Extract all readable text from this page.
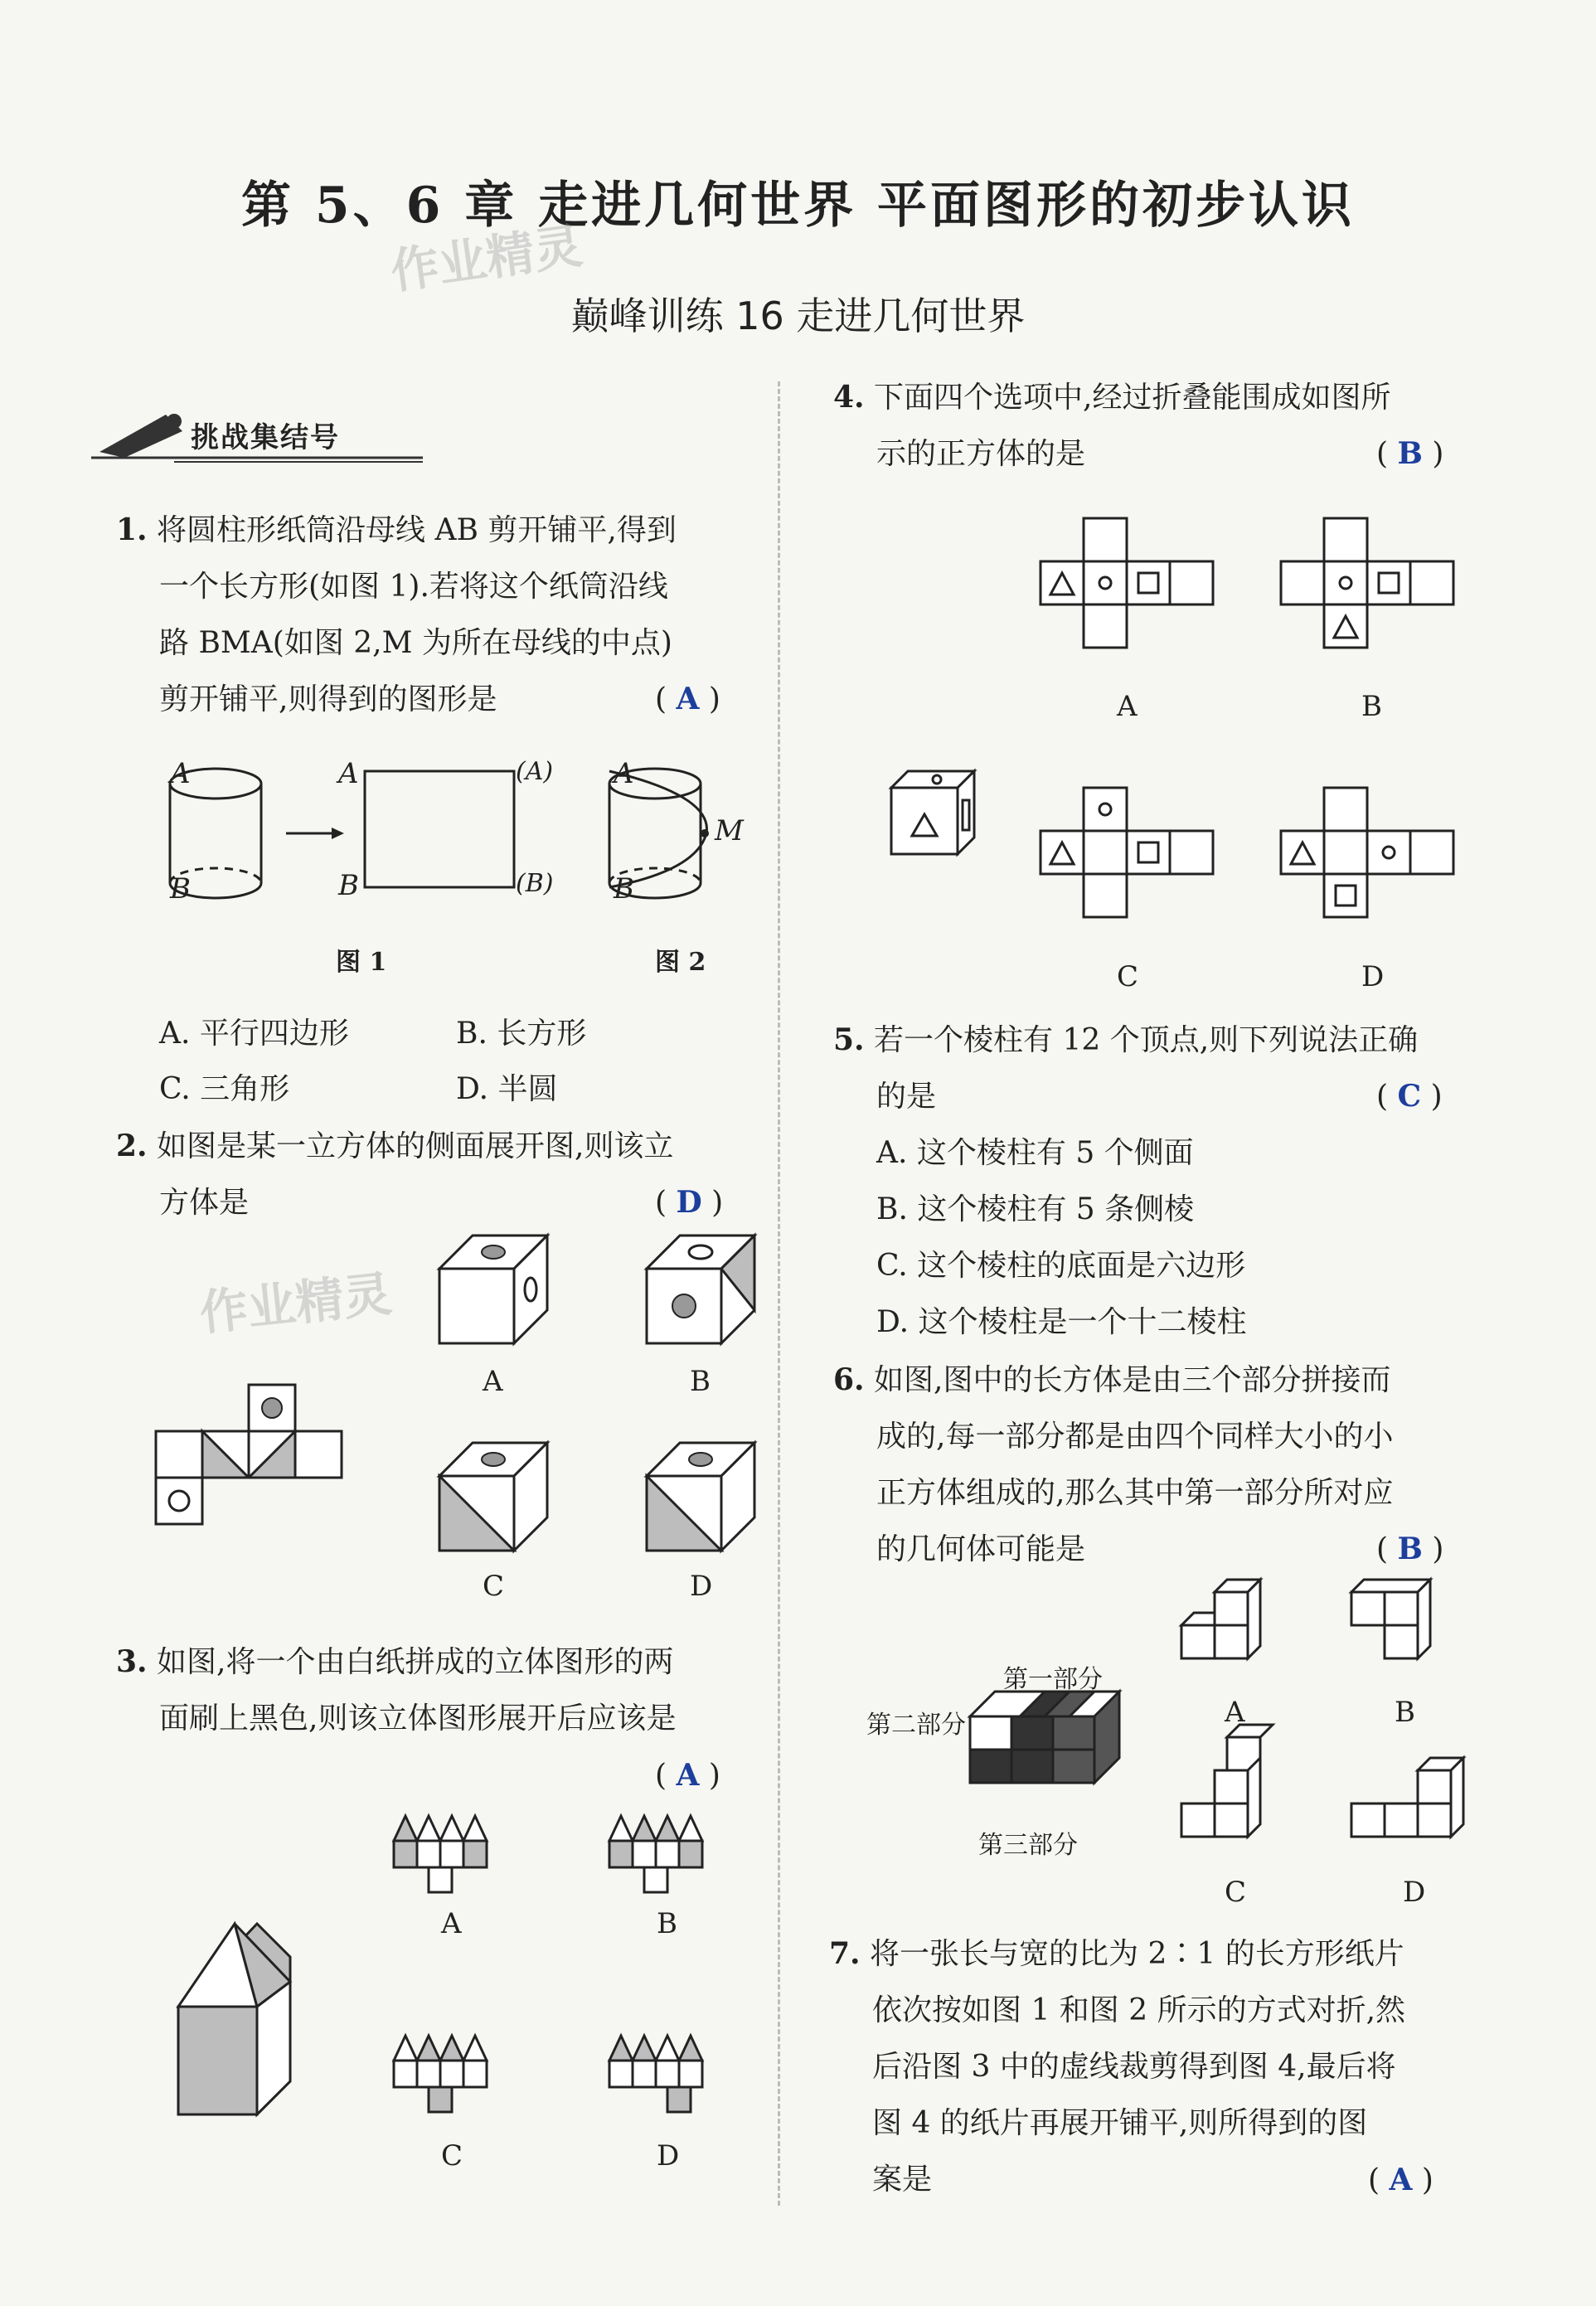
第 5、6 章 走进几何世界 平面图形的初步认识
作业精灵
巅峰训练 16 走进几何世界
挑战集结号
1. 将圆柱形纸筒沿母线 AB 剪开铺平,得到
一个长方形(如图 1).若将这个纸筒沿线
路 BMA(如图 2,M 为所在母线的中点)
剪开铺平,则得到的图形是	( A )
A
B
A
B
(A)
(B)
A
B
M
图 1	图 2
A. 平行四边形	B. 长方形
C. 三角形	D. 半圆
2. 如图是某一立方体的侧面展开图,则该立
方体是	( D )
作业精灵
A	B
C	D
3. 如图,将一个由白纸拼成的立体图形的两
面刷上黑色,则该立体图形展开后应该是
( A )
A	B
C	D
4. 下面四个选项中,经过折叠能围成如图所
示的正方体的是	( B )
A	B
C	D
5. 若一个棱柱有 12 个顶点,则下列说法正确
的是
A. 这个棱柱有 5 个侧面
B. 这个棱柱有 5 条侧棱
C. 这个棱柱的底面是六边形
D. 这个棱柱是一个十二棱柱
( C )
6. 如图,图中的长方体是由三个部分拼接而
成的,每一部分都是由四个同样大小的小
正方体组成的,那么其中第一部分所对应
的几何体可能是	( B )
第一部分
第二部分
第三部分
A	B
C	D
7. 将一张长与宽的比为 2∶1 的长方形纸片
依次按如图 1 和图 2 所示的方式对折,然
后沿图 3 中的虚线裁剪得到图 4,最后将
图 4 的纸片再展开铺平,则所得到的图
案是	( A )
